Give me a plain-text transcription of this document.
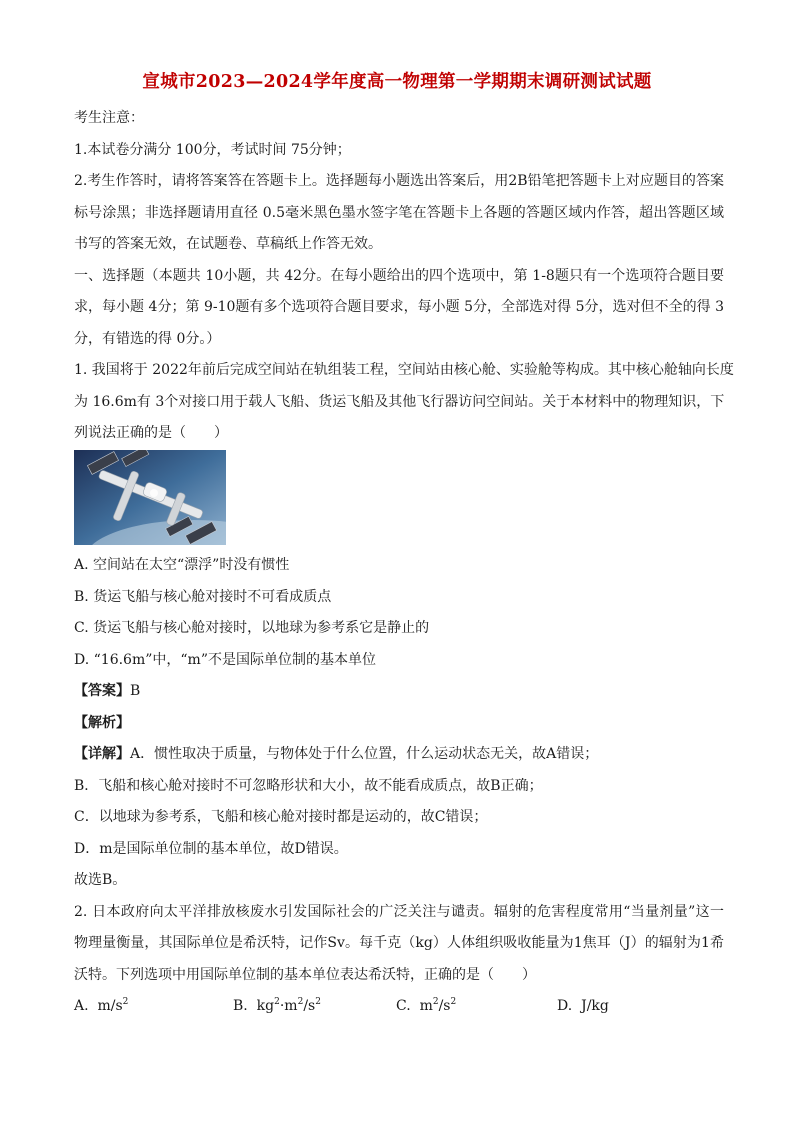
宣城市2023—2024学年度高一物理第一学期期末调研测试试题
考生注意：
1.本试卷分满分 100分，考试时间 75分钟；
2.考生作答时，请将答案答在答题卡上。选择题每小题选出答案后，用2B铅笔把答题卡上对应题目的答案
标号涂黑；非选择题请用直径 0.5毫米黑色墨水签字笔在答题卡上各题的答题区域内作答，超出答题区域
书写的答案无效，在试题卷、草稿纸上作答无效。
一、选择题（本题共 10小题，共 42分。在每小题给出的四个选项中，第 1-8题只有一个选项符合题目要
求，每小题 4分；第 9-10题有多个选项符合题目要求，每小题 5分，全部选对得 5分，选对但不全的得 3
分，有错选的得 0分。）
1. 我国将于 2022年前后完成空间站在轨组装工程，空间站由核心舱、实验舱等构成。其中核心舱轴向长度
为 16.6m有 3个对接口用于载人飞船、货运飞船及其他飞行器访问空间站。关于本材料中的物理知识，下
列说法正确的是（　　）
A. 空间站在太空“漂浮”时没有惯性
B. 货运飞船与核心舱对接时不可看成质点
C. 货运飞船与核心舱对接时，以地球为参考系它是静止的
D. “16.6m”中，“m”不是国际单位制的基本单位
【答案】B
【解析】
【详解】A．惯性取决于质量，与物体处于什么位置，什么运动状态无关，故A错误；
B．飞船和核心舱对接时不可忽略形状和大小，故不能看成质点，故B正确；
C．以地球为参考系，飞船和核心舱对接时都是运动的，故C错误；
D．m是国际单位制的基本单位，故D错误。
故选B。
2. 日本政府向太平洋排放核废水引发国际社会的广泛关注与谴责。辐射的危害程度常用“当量剂量”这一
物理量衡量，其国际单位是希沃特，记作Sv。每千克（kg）人体组织吸收能量为1焦耳（J）的辐射为1希
沃特。下列选项中用国际单位制的基本单位表达希沃特，正确的是（　　）
A. $m/s^2$	B. $kg^2\cdot m^2/s^2$	C. $m^2/s^2$	D. J/kg
